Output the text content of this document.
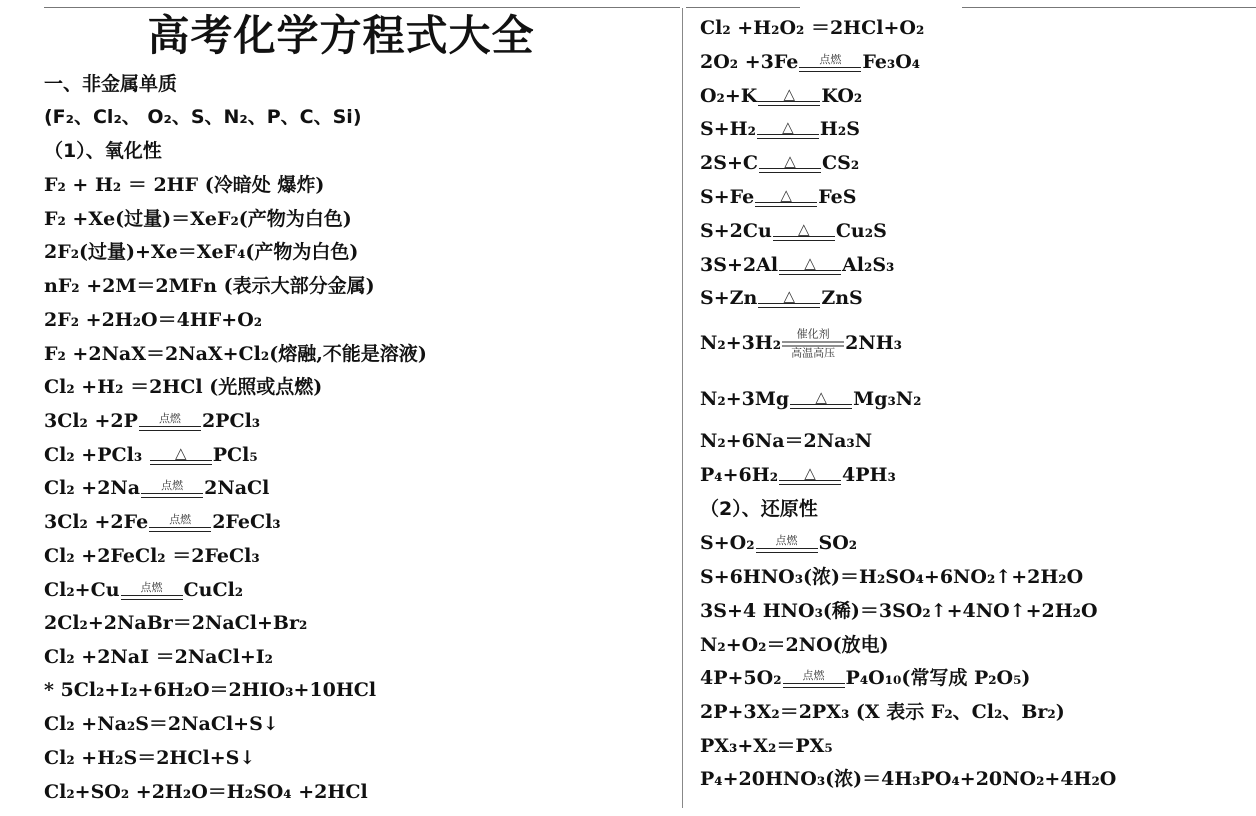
高考化学方程式大全
一、非金属单质
(F₂、Cl₂、 O₂、S、N₂、P、C、Si)
（1）、氧化性
F₂ + H₂ ＝ 2HF (冷暗处 爆炸)
F₂ +Xe(过量)＝XeF₂(产物为白色)
2F₂(过量)+Xe＝XeF₄(产物为白色)
nF₂ +2M＝2MFn (表示大部分金属)
2F₂ +2H₂O＝4HF+O₂
F₂ +2NaX＝2NaX+Cl₂(熔融,不能是溶液)
Cl₂ +H₂ ＝2HCl (光照或点燃)
3Cl₂ +2P 点燃 2PCl₃
Cl₂ +PCl₃ △ PCl₅
Cl₂ +2Na 点燃 2NaCl
3Cl₂ +2Fe 点燃 2FeCl₃
Cl₂ +2FeCl₂ ＝2FeCl₃
Cl₂+Cu 点燃 CuCl₂
2Cl₂+2NaBr＝2NaCl+Br₂
Cl₂ +2NaI ＝2NaCl+I₂
* 5Cl₂+I₂+6H₂O＝2HIO₃+10HCl
Cl₂ +Na₂S＝2NaCl+S↓
Cl₂ +H₂S＝2HCl+S↓
Cl₂+SO₂ +2H₂O＝H₂SO₄ +2HCl
Cl₂ +H₂O₂ ＝2HCl+O₂
2O₂ +3Fe 点燃 Fe₃O₄
O₂+K △ KO₂
S+H₂ △ H₂S
2S+C △ CS₂
S+Fe △ FeS
S+2Cu △ Cu₂S
3S+2Al △ Al₂S₃
S+Zn △ ZnS
N₂+3H₂ 催化剂
高温高压 2NH₃
N₂+3Mg △ Mg₃N₂
N₂+6Na＝2Na₃N
P₄+6H₂ △ 4PH₃
（2）、还原性
S+O₂ 点燃 SO₂
S+6HNO₃(浓)＝H₂SO₄+6NO₂↑+2H₂O
3S+4 HNO₃(稀)＝3SO₂↑+4NO↑+2H₂O
N₂+O₂＝2NO(放电)
4P+5O₂ 点燃 P₄O₁₀(常写成 P₂O₅)
2P+3X₂＝2PX₃ (X 表示 F₂、Cl₂、Br₂)
PX₃+X₂＝PX₅
P₄+20HNO₃(浓)＝4H₃PO₄+20NO₂+4H₂O
